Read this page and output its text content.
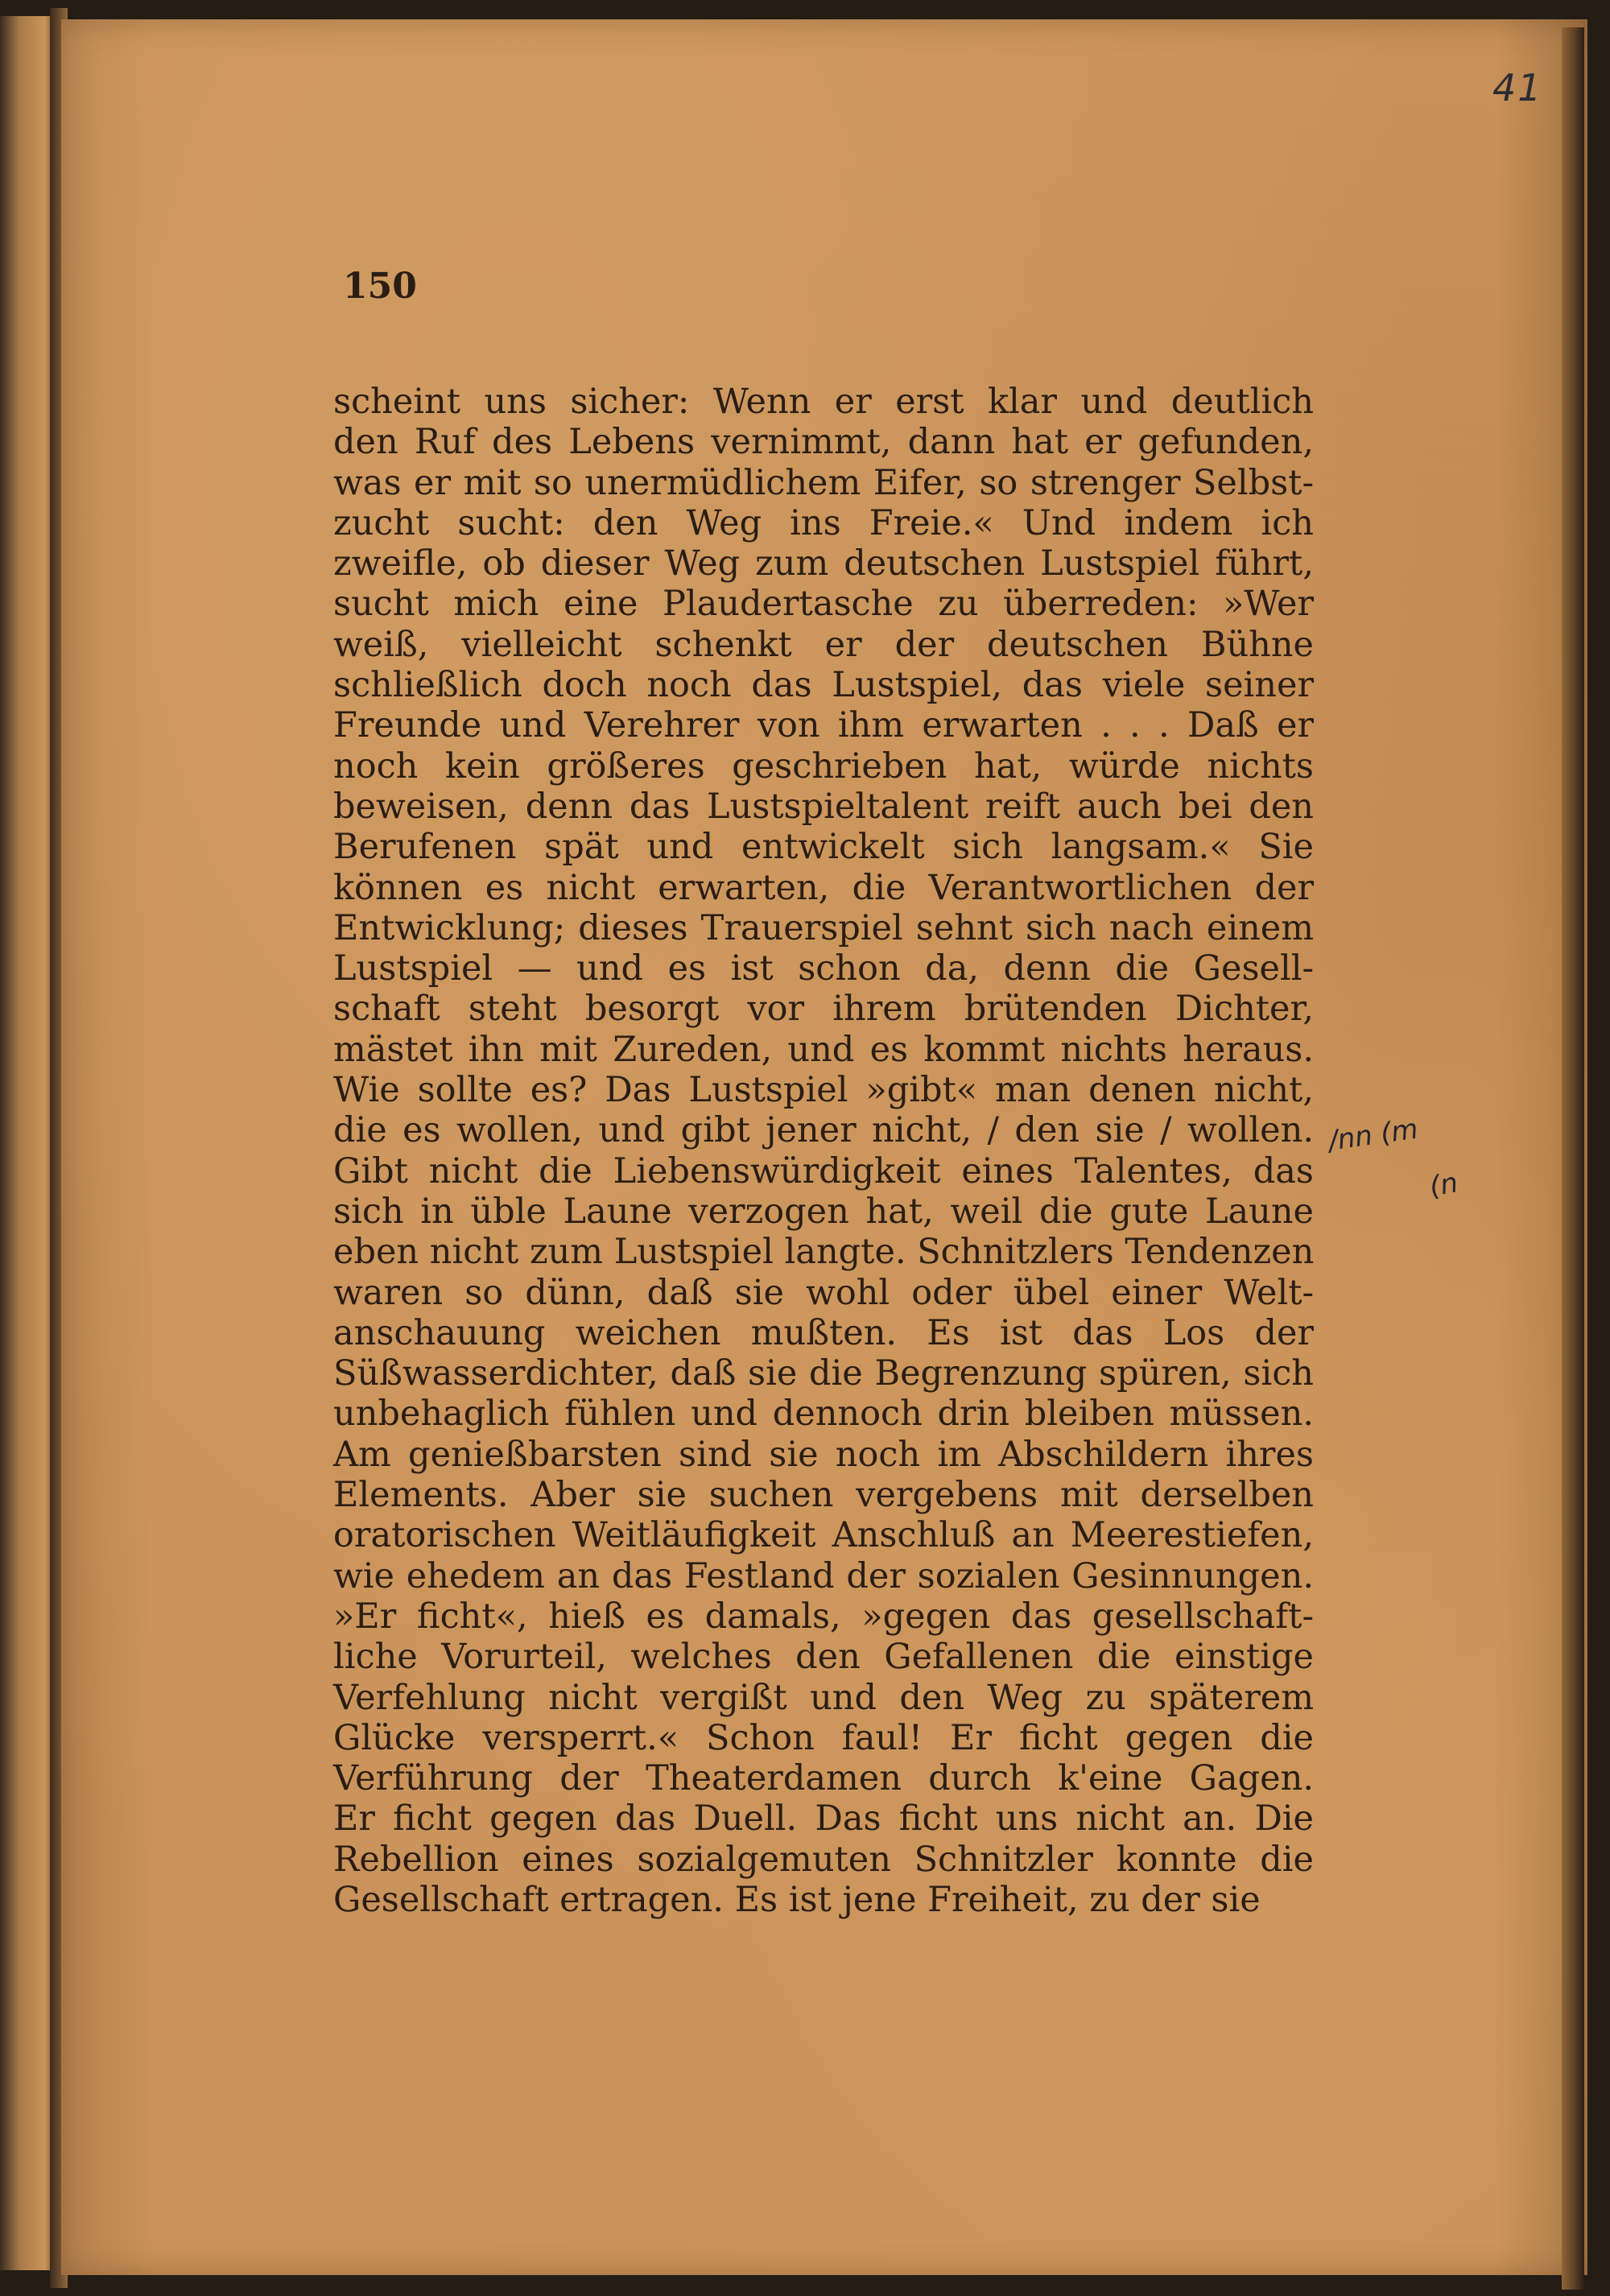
41
150
scheint uns sicher: Wenn er erst klar und deutlich
den Ruf des Lebens vernimmt, dann hat er gefunden,
was er mit so unermüdlichem Eifer, so strenger Selbst-
zucht sucht: den Weg ins Freie.« Und indem ich
zweifle, ob dieser Weg zum deutschen Lustspiel führt,
sucht mich eine Plaudertasche zu überreden: »Wer
weiß, vielleicht schenkt er der deutschen Bühne
schließlich doch noch das Lustspiel, das viele seiner
Freunde und Verehrer von ihm erwarten . . . Daß er
noch kein größeres geschrieben hat, würde nichts
beweisen, denn das Lustspieltalent reift auch bei den
Berufenen spät und entwickelt sich langsam.« Sie
können es nicht erwarten, die Verantwortlichen der
Entwicklung; dieses Trauerspiel sehnt sich nach einem
Lustspiel — und es ist schon da, denn die Gesell-
schaft steht besorgt vor ihrem brütenden Dichter,
mästet ihn mit Zureden, und es kommt nichts heraus.
Wie sollte es? Das Lustspiel »gibt« man denen nicht,
die es wollen, und gibt jener nicht, / den sie / wollen.
Gibt nicht die Liebenswürdigkeit eines Talentes, das
sich in üble Laune verzogen hat, weil die gute Laune
eben nicht zum Lustspiel langte. Schnitzlers Tendenzen
waren so dünn, daß sie wohl oder übel einer Welt-
anschauung weichen mußten. Es ist das Los der
Süßwasserdichter, daß sie die Begrenzung spüren, sich
unbehaglich fühlen und dennoch drin bleiben müssen.
Am genießbarsten sind sie noch im Abschildern ihres
Elements. Aber sie suchen vergebens mit derselben
oratorischen Weitläufigkeit Anschluß an Meerestiefen,
wie ehedem an das Festland der sozialen Gesinnungen.
»Er ficht«, hieß es damals, »gegen das gesellschaft-
liche Vorurteil, welches den Gefallenen die einstige
Verfehlung nicht vergißt und den Weg zu späterem
Glücke versperrt.« Schon faul! Er ficht gegen die
Verführung der Theaterdamen durch k'eine Gagen.
Er ficht gegen das Duell. Das ficht uns nicht an. Die
Rebellion eines sozialgemuten Schnitzler konnte die
Gesellschaft ertragen. Es ist jene Freiheit, zu der sie
/nn (m
(n
